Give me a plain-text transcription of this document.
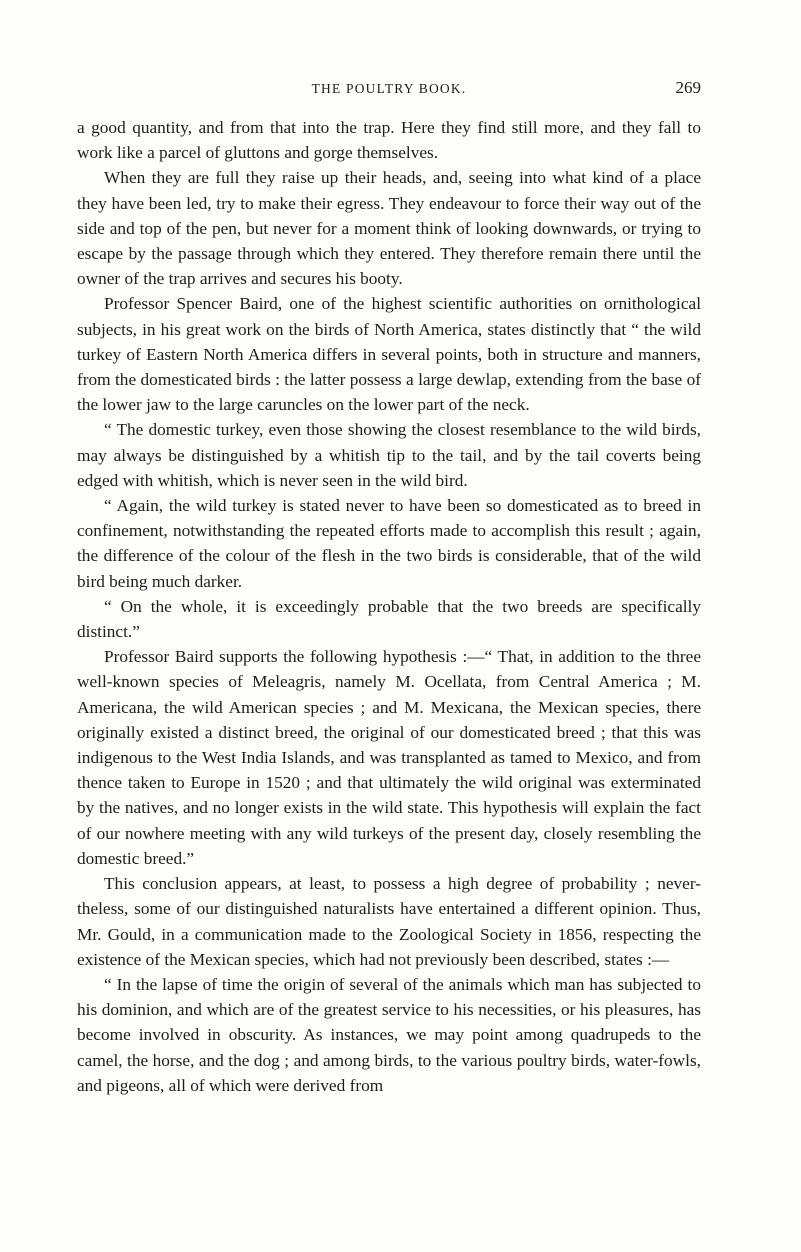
THE POULTRY BOOK.	269

a good quantity, and from that into the trap. Here they find still more, and they fall to work like a parcel of gluttons and gorge themselves.

When they are full they raise up their heads, and, seeing into what kind of a place they have been led, try to make their egress. They endeavour to force their way out of the side and top of the pen, but never for a moment think of looking downwards, or trying to escape by the passage through which they entered. They therefore remain there until the owner of the trap arrives and secures his booty.

Professor Spencer Baird, one of the highest scientific authorities on ornithological subjects, in his great work on the birds of North America, states distinctly that “ the wild turkey of Eastern North America differs in several points, both in structure and manners, from the domesticated birds : the latter possess a large dewlap, extending from the base of the lower jaw to the large caruncles on the lower part of the neck.

“ The domestic turkey, even those showing the closest resemblance to the wild birds, may always be distinguished by a whitish tip to the tail, and by the tail coverts being edged with whitish, which is never seen in the wild bird.

“ Again, the wild turkey is stated never to have been so domesticated as to breed in confinement, notwithstanding the repeated efforts made to accomplish this result ; again, the difference of the colour of the flesh in the two birds is considerable, that of the wild bird being much darker.

“ On the whole, it is exceedingly probable that the two breeds are specifically distinct.”

Professor Baird supports the following hypothesis :—“ That, in addition to the three well-known species of Meleagris, namely M. Ocellata, from Central America ; M. Americana, the wild American species ; and M. Mexicana, the Mexican species, there originally existed a distinct breed, the original of our domesticated breed ; that this was indigenous to the West India Islands, and was transplanted as tamed to Mexico, and from thence taken to Europe in 1520 ; and that ultimately the wild original was exterminated by the natives, and no longer exists in the wild state. This hypothesis will explain the fact of our nowhere meeting with any wild turkeys of the present day, closely resembling the domestic breed.”

This conclusion appears, at least, to possess a high degree of probability ; never- theless, some of our distinguished naturalists have entertained a different opinion. Thus, Mr. Gould, in a communication made to the Zoological Society in 1856, respecting the existence of the Mexican species, which had not previously been described, states :—

“ In the lapse of time the origin of several of the animals which man has subjected to his dominion, and which are of the greatest service to his necessities, or his pleasures, has become involved in obscurity. As instances, we may point among quadrupeds to the camel, the horse, and the dog ; and among birds, to the various poultry birds, water-fowls, and pigeons, all of which were derived from
